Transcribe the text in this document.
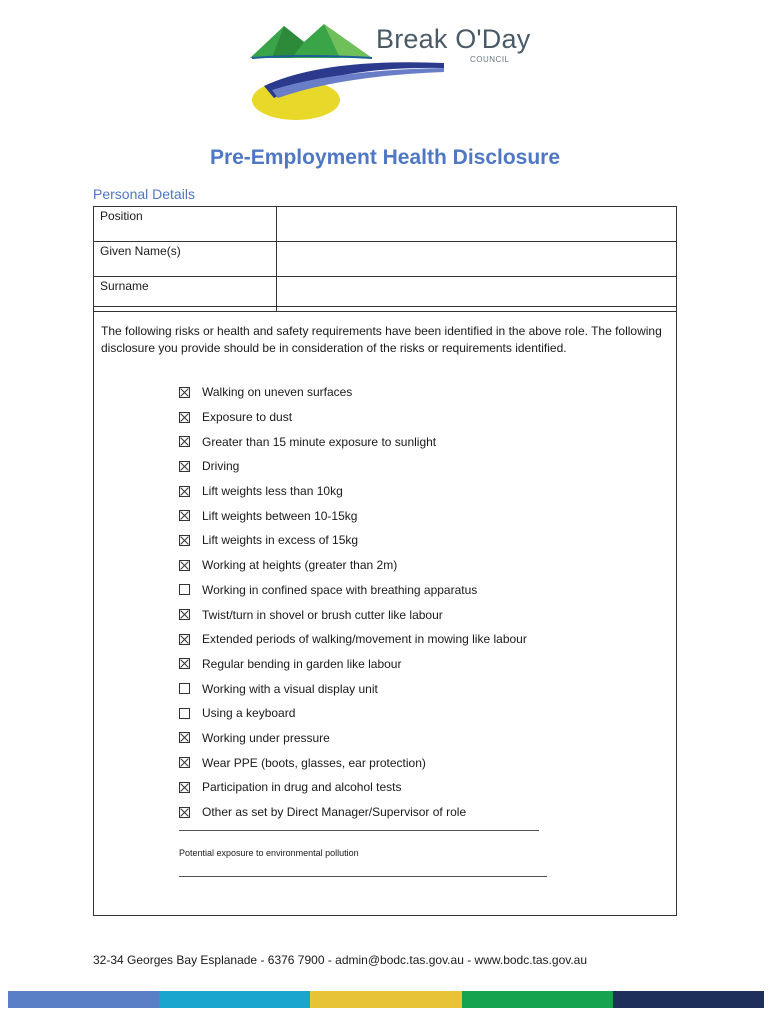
Break O'Day
COUNCIL
Pre-Employment Health Disclosure
Personal Details
Position	
Given Name(s)	
Surname	
The following risks or health and safety requirements have been identified in the above role. The following disclosure you provide should be in consideration of the risks or requirements identified.
Walking on uneven surfaces
Exposure to dust
Greater than 15 minute exposure to sunlight
Driving
Lift weights less than 10kg
Lift weights between 10-15kg
Lift weights in excess of 15kg
Working at heights (greater than 2m)
Working in confined space with breathing apparatus
Twist/turn in shovel or brush cutter like labour
Extended periods of walking/movement in mowing like labour
Regular bending in garden like labour
Working with a visual display unit
Using a keyboard
Working under pressure
Wear PPE (boots, glasses, ear protection)
Participation in drug and alcohol tests
Other as set by Direct Manager/Supervisor of role
Potential exposure to environmental pollution
32-34 Georges Bay Esplanade - 6376 7900 - admin@bodc.tas.gov.au - www.bodc.tas.gov.au
